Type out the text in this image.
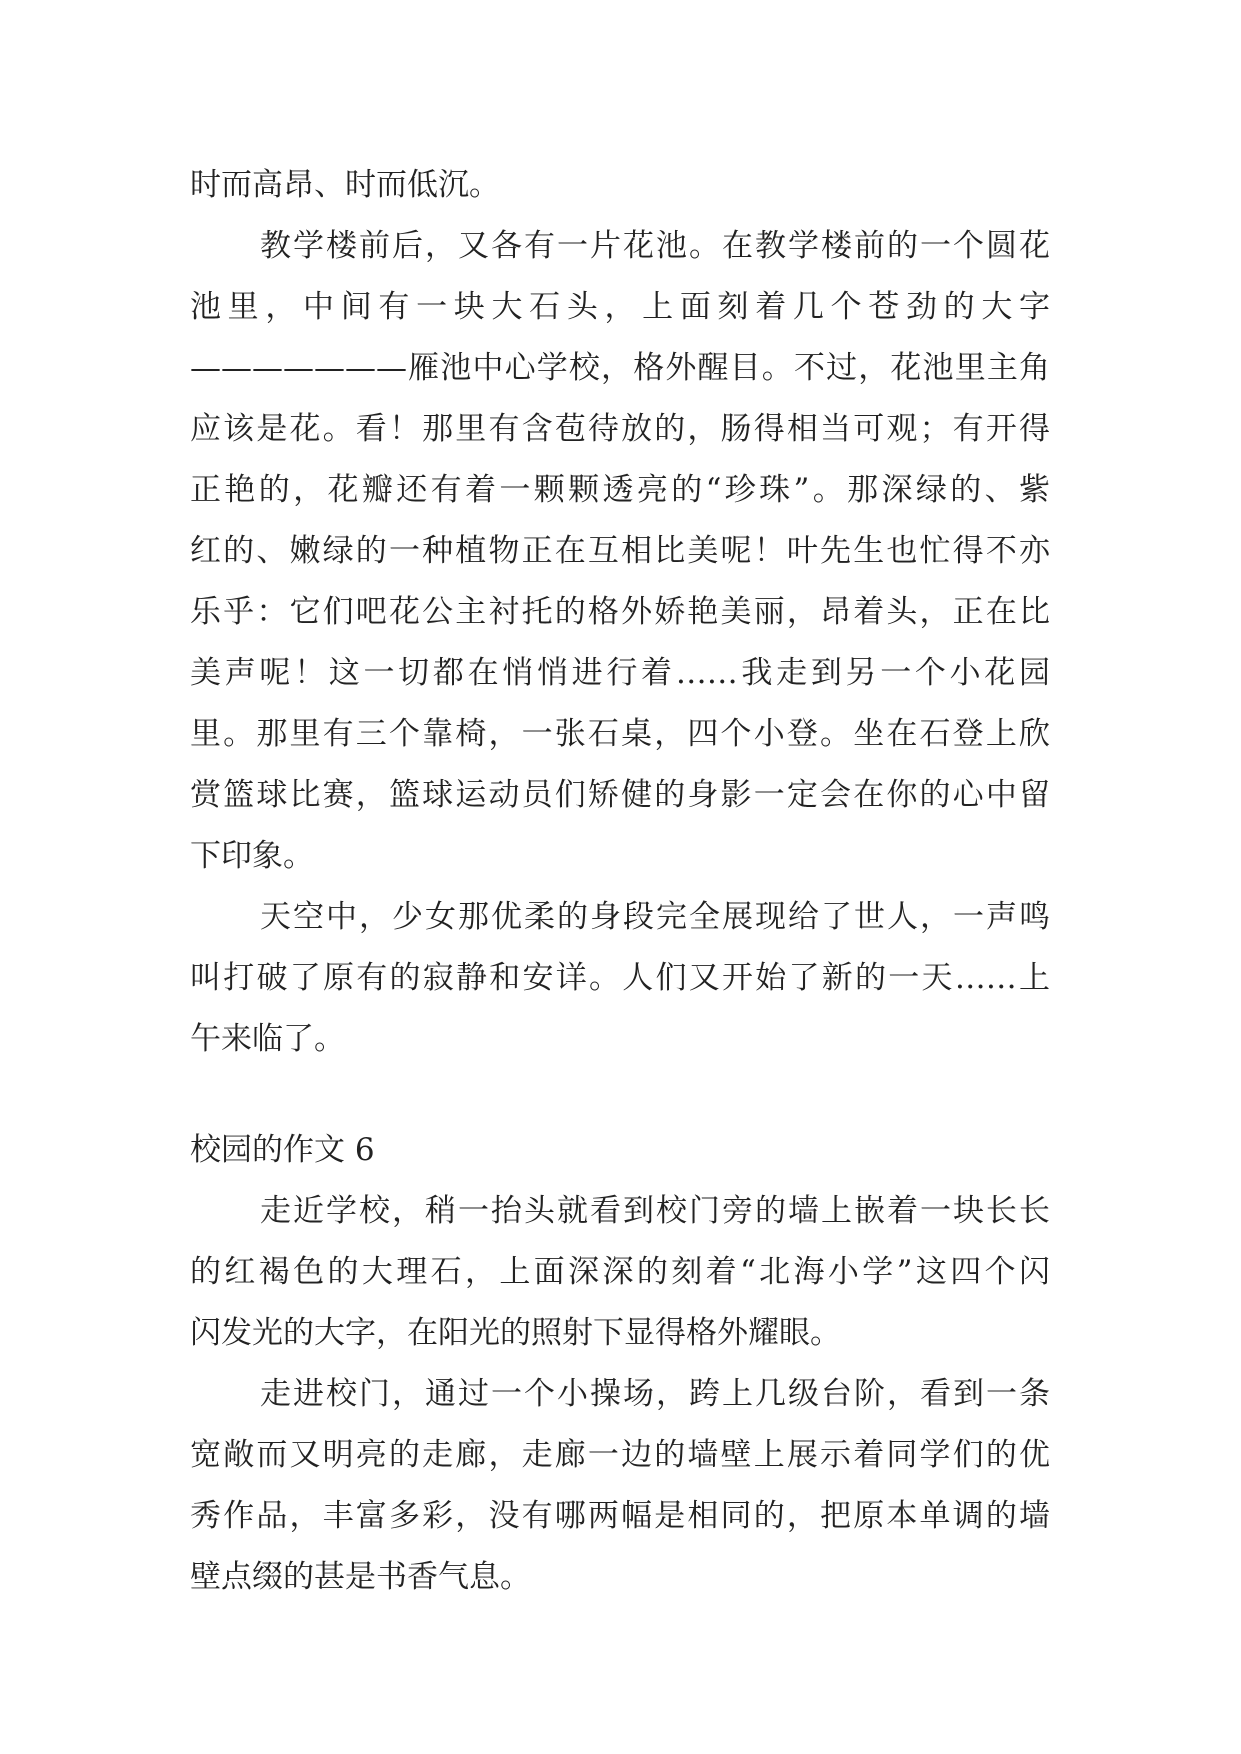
时而高昂、时而低沉。
教学楼前后，又各有一片花池。在教学楼前的一个圆花
池里，中间有一块大石头，上面刻着几个苍劲的大字
———————雁池中心学校，格外醒目。不过，花池里主角
应该是花。看！那里有含苞待放的，肠得相当可观；有开得
正艳的，花瓣还有着一颗颗透亮的“珍珠”。那深绿的、紫
红的、嫩绿的一种植物正在互相比美呢！叶先生也忙得不亦
乐乎：它们吧花公主衬托的格外娇艳美丽，昂着头，正在比
美声呢！这一切都在悄悄进行着……我走到另一个小花园
里。那里有三个靠椅，一张石桌，四个小登。坐在石登上欣
赏篮球比赛，篮球运动员们矫健的身影一定会在你的心中留
下印象。
天空中，少女那优柔的身段完全展现给了世人，一声鸣
叫打破了原有的寂静和安详。人们又开始了新的一天……上
午来临了。
校园的作文 6
走近学校，稍一抬头就看到校门旁的墙上嵌着一块长长
的红褐色的大理石，上面深深的刻着“北海小学”这四个闪
闪发光的大字，在阳光的照射下显得格外耀眼。
走进校门，通过一个小操场，跨上几级台阶，看到一条
宽敞而又明亮的走廊，走廊一边的墙壁上展示着同学们的优
秀作品，丰富多彩，没有哪两幅是相同的，把原本单调的墙
壁点缀的甚是书香气息。
